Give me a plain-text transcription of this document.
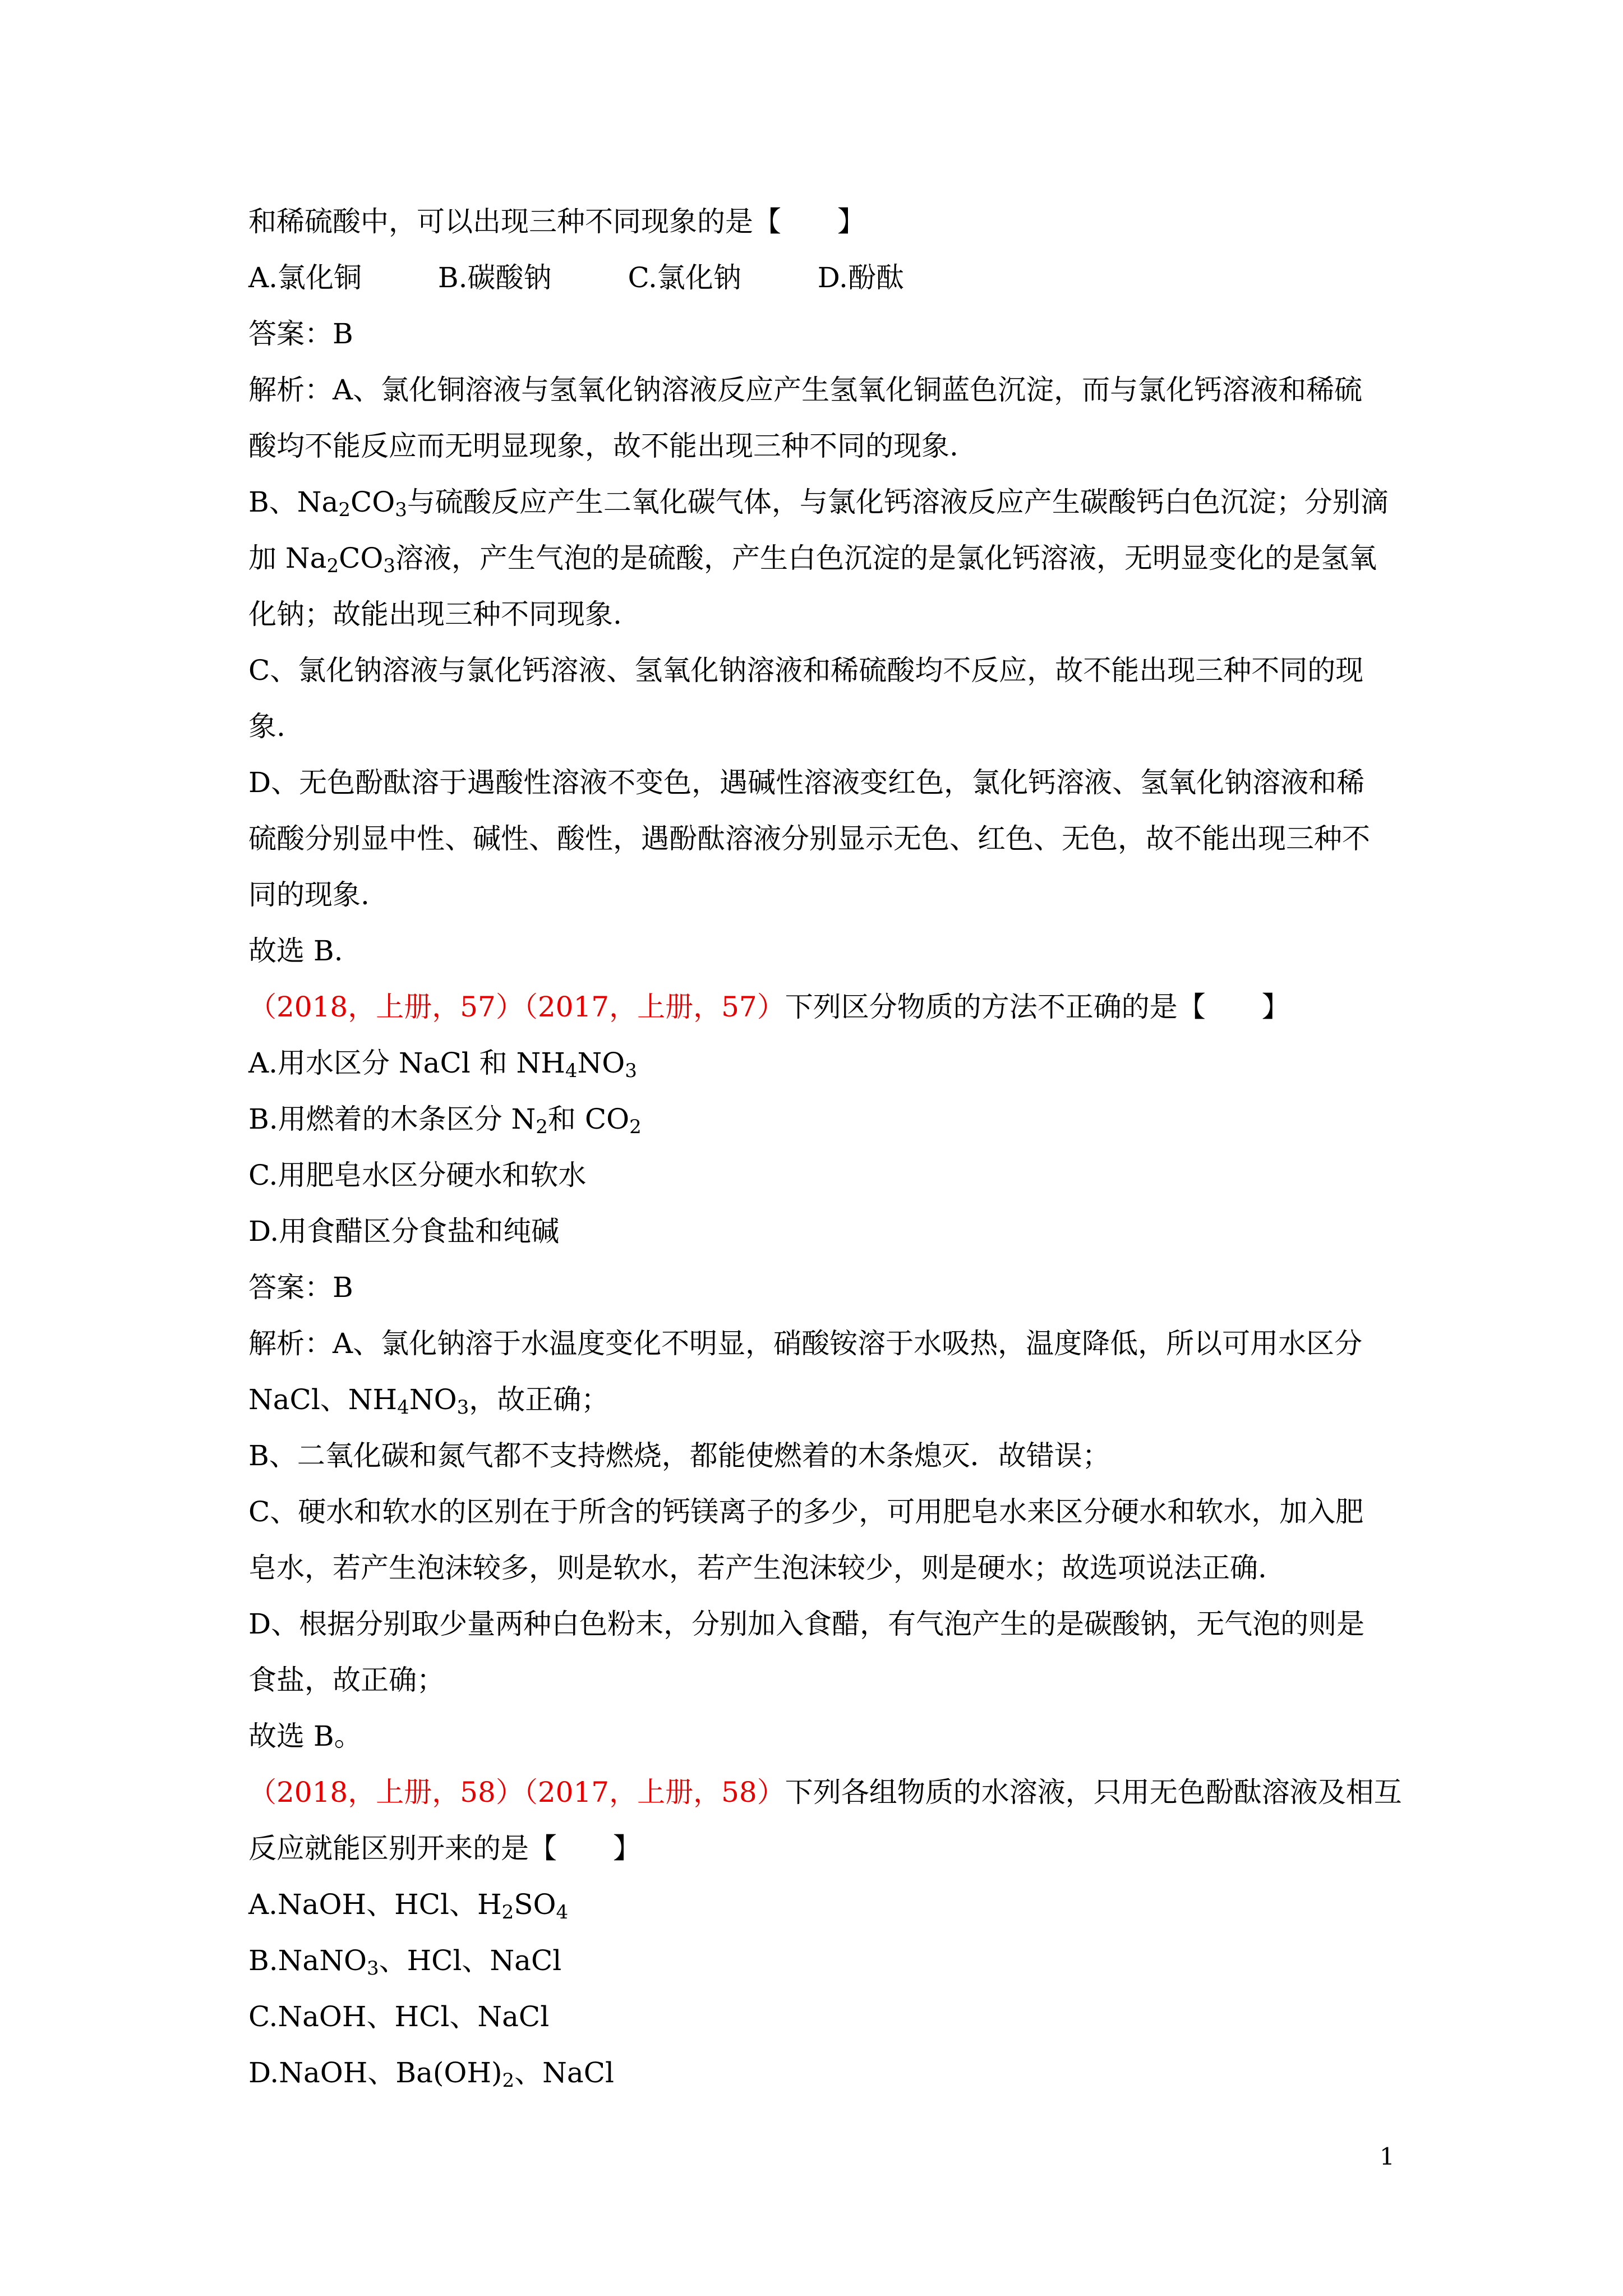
和稀硫酸中，可以出现三种不同现象的是【　　】
A.氯化铜	B.碳酸钠	C.氯化钠	D.酚酞
答案：B
解析：A、氯化铜溶液与氢氧化钠溶液反应产生氢氧化铜蓝色沉淀，而与氯化钙溶液和稀硫
酸均不能反应而无明显现象，故不能出现三种不同的现象.
B、$Na_2CO_3$与硫酸反应产生二氧化碳气体，与氯化钙溶液反应产生碳酸钙白色沉淀；分别滴
加 $Na_2CO_3$溶液，产生气泡的是硫酸，产生白色沉淀的是氯化钙溶液，无明显变化的是氢氧
化钠；故能出现三种不同现象.
C、氯化钠溶液与氯化钙溶液、氢氧化钠溶液和稀硫酸均不反应，故不能出现三种不同的现
象.
D、无色酚酞溶于遇酸性溶液不变色，遇碱性溶液变红色，氯化钙溶液、氢氧化钠溶液和稀
硫酸分别显中性、碱性、酸性，遇酚酞溶液分别显示无色、红色、无色，故不能出现三种不
同的现象.
故选 B.
（2018，上册，57）（2017，上册，57）下列区分物质的方法不正确的是【　　】
A.用水区分 NaCl 和 $NH_4NO_3$
B.用燃着的木条区分 $N_2$和 $CO_2$
C.用肥皂水区分硬水和软水
D.用食醋区分食盐和纯碱
答案：B
解析：A、氯化钠溶于水温度变化不明显，硝酸铵溶于水吸热，温度降低，所以可用水区分
NaCl、$NH_4NO_3$，故正确；
B、二氧化碳和氮气都不支持燃烧，都能使燃着的木条熄灭．故错误；
C、硬水和软水的区别在于所含的钙镁离子的多少，可用肥皂水来区分硬水和软水，加入肥
皂水，若产生泡沫较多，则是软水，若产生泡沫较少，则是硬水；故选项说法正确.
D、根据分别取少量两种白色粉末，分别加入食醋，有气泡产生的是碳酸钠，无气泡的则是
食盐，故正确；
故选 B。
（2018，上册，58）（2017，上册，58）下列各组物质的水溶液，只用无色酚酞溶液及相互
反应就能区别开来的是【　　】
A.NaOH、HCl、$H_2SO_4$
B.NaNO$_3$、HCl、NaCl
C.NaOH、HCl、NaCl
D.NaOH、$Ba(OH)_2$、NaCl
1
